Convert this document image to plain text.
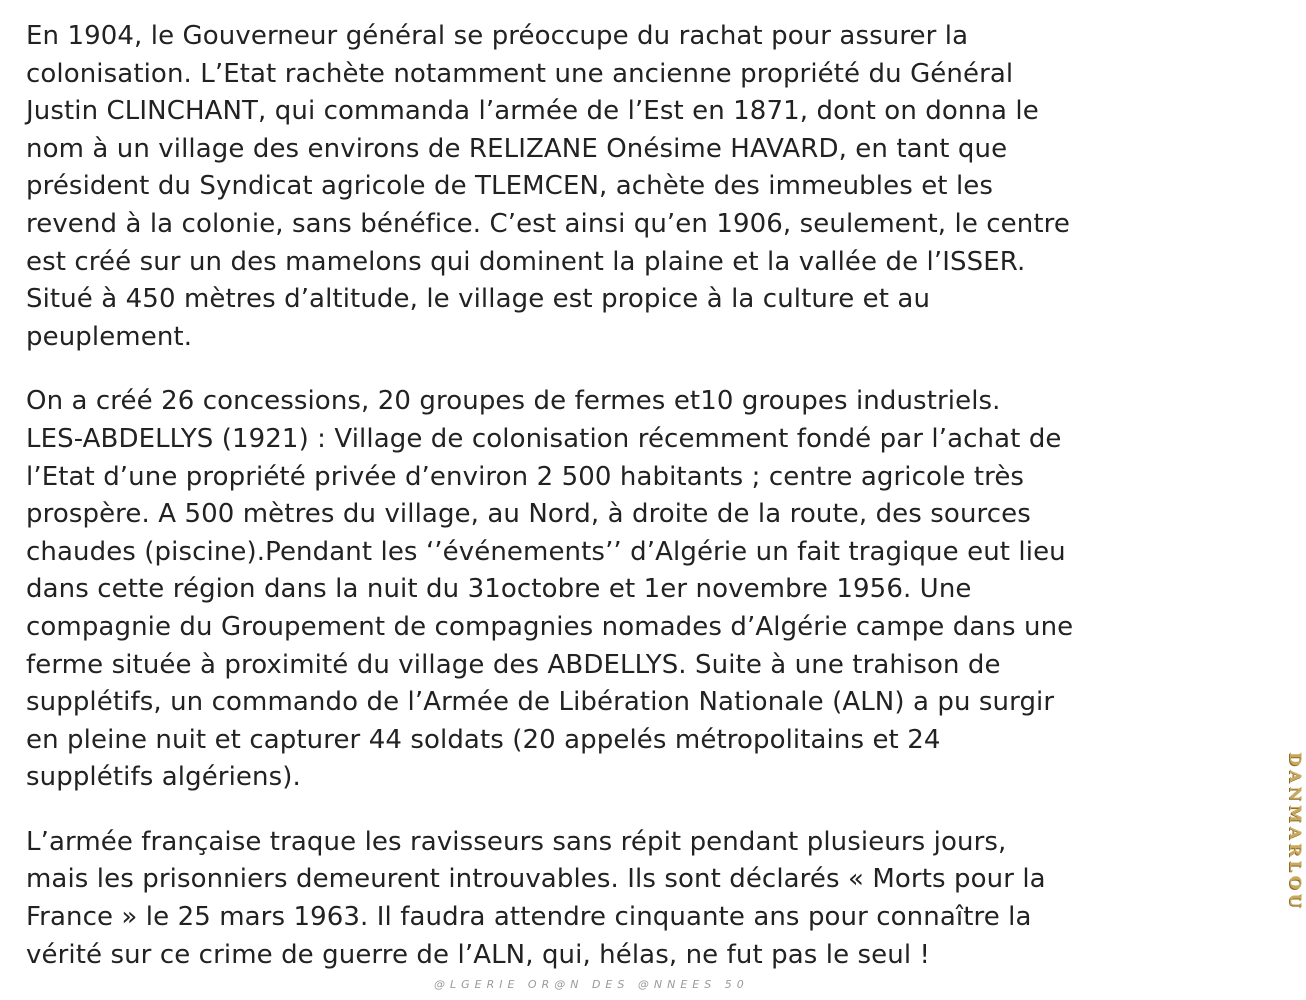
En 1904, le Gouverneur général se préoccupe du rachat pour assurer la
colonisation. L’Etat rachète notamment une ancienne propriété du Général
Justin CLINCHANT, qui commanda l’armée de l’Est en 1871, dont on donna le
nom à un village des environs de RELIZANE Onésime HAVARD, en tant que
président du Syndicat agricole de TLEMCEN, achète des immeubles et les
revend à la colonie, sans bénéfice. C’est ainsi qu’en 1906, seulement, le centre
est créé sur un des mamelons qui dominent la plaine et la vallée de l’ISSER.
Situé à 450 mètres d’altitude, le village est propice à la culture et au
peuplement.

On a créé 26 concessions, 20 groupes de fermes et10 groupes industriels.
LES-ABDELLYS (1921) : Village de colonisation récemment fondé par l’achat de
l’Etat d’une propriété privée d’environ 2 500 habitants ; centre agricole très
prospère. A 500 mètres du village, au Nord, à droite de la route, des sources
chaudes (piscine).Pendant les ‘’événements’’ d’Algérie un fait tragique eut lieu
dans cette région dans la nuit du 31octobre et 1er novembre 1956. Une
compagnie du Groupement de compagnies nomades d’Algérie campe dans une
ferme située à proximité du village des ABDELLYS. Suite à une trahison de
supplétifs, un commando de l’Armée de Libération Nationale (ALN) a pu surgir
en pleine nuit et capturer 44 soldats (20 appelés métropolitains et 24
supplétifs algériens).

L’armée française traque les ravisseurs sans répit pendant plusieurs jours,
mais les prisonniers demeurent introuvables. Ils sont déclarés « Morts pour la
France » le 25 mars 1963. Il faudra attendre cinquante ans pour connaître la
vérité sur ce crime de guerre de l’ALN, qui, hélas, ne fut pas le seul !

DANMARLOU
@LGERIE OR@N DES @NNEES 50
